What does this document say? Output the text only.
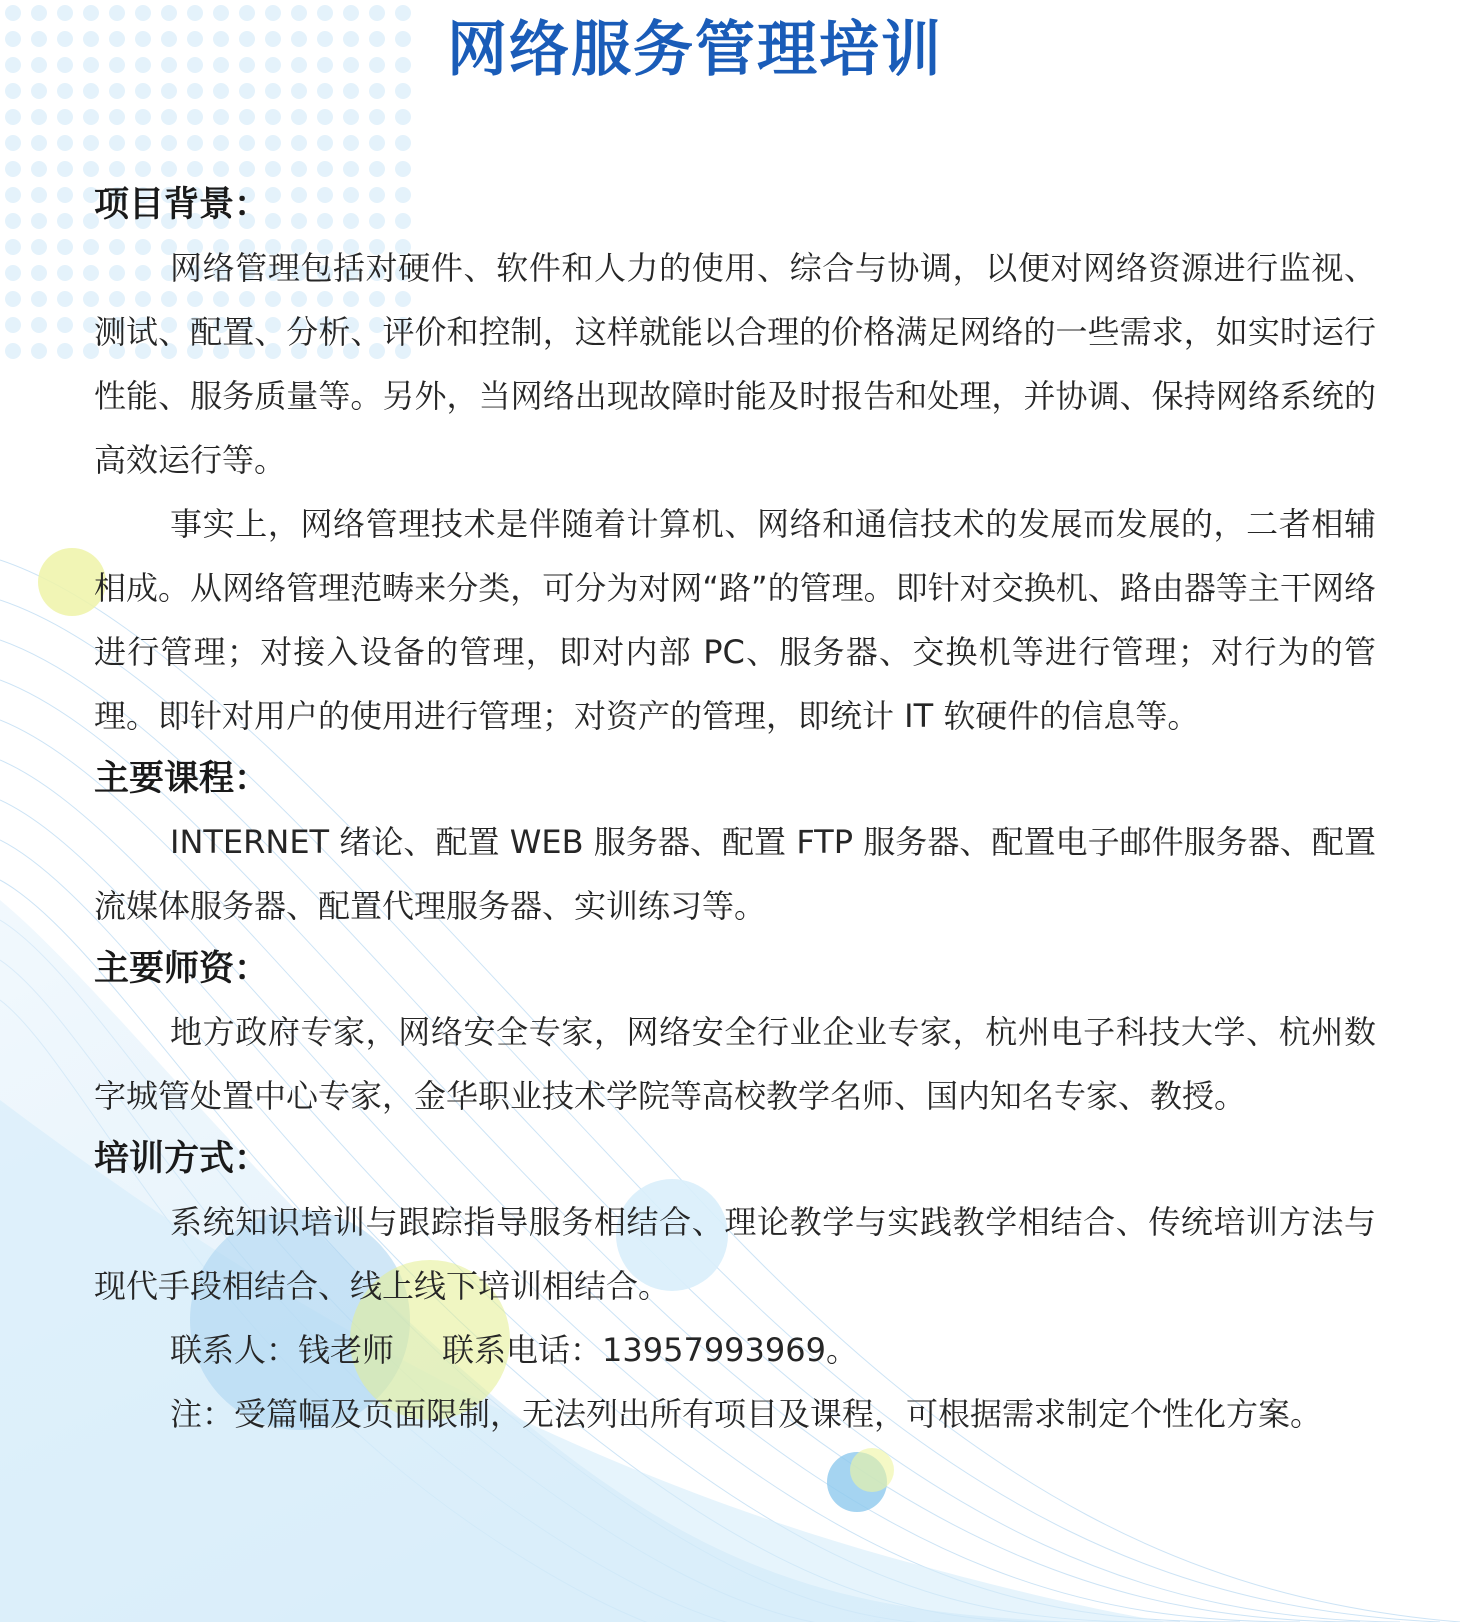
网络服务管理培训
项目背景：

网络管理包括对硬件、软件和人力的使用、综合与协调，以便对网络资源进行监视、测试、配置、分析、评价和控制，这样就能以合理的价格满足网络的一些需求，如实时运行性能、服务质量等。另外，当网络出现故障时能及时报告和处理，并协调、保持网络系统的高效运行等。

事实上，网络管理技术是伴随着计算机、网络和通信技术的发展而发展的，二者相辅相成。从网络管理范畴来分类，可分为对网“路”的管理。即针对交换机、路由器等主干网络进行管理；对接入设备的管理，即对内部 PC、服务器、交换机等进行管理；对行为的管理。即针对用户的使用进行管理；对资产的管理，即统计 IT 软硬件的信息等。

主要课程：

INTERNET 绪论、配置 WEB 服务器、配置 FTP 服务器、配置电子邮件服务器、配置流媒体服务器、配置代理服务器、实训练习等。

主要师资：

地方政府专家，网络安全专家，网络安全行业企业专家，杭州电子科技大学、杭州数字城管处置中心专家，金华职业技术学院等高校教学名师、国内知名专家、教授。

培训方式：

系统知识培训与跟踪指导服务相结合、理论教学与实践教学相结合、传统培训方法与现代手段相结合、线上线下培训相结合。

联系人：钱老师 联系电话：13957993969。

注：受篇幅及页面限制，无法列出所有项目及课程，可根据需求制定个性化方案。
